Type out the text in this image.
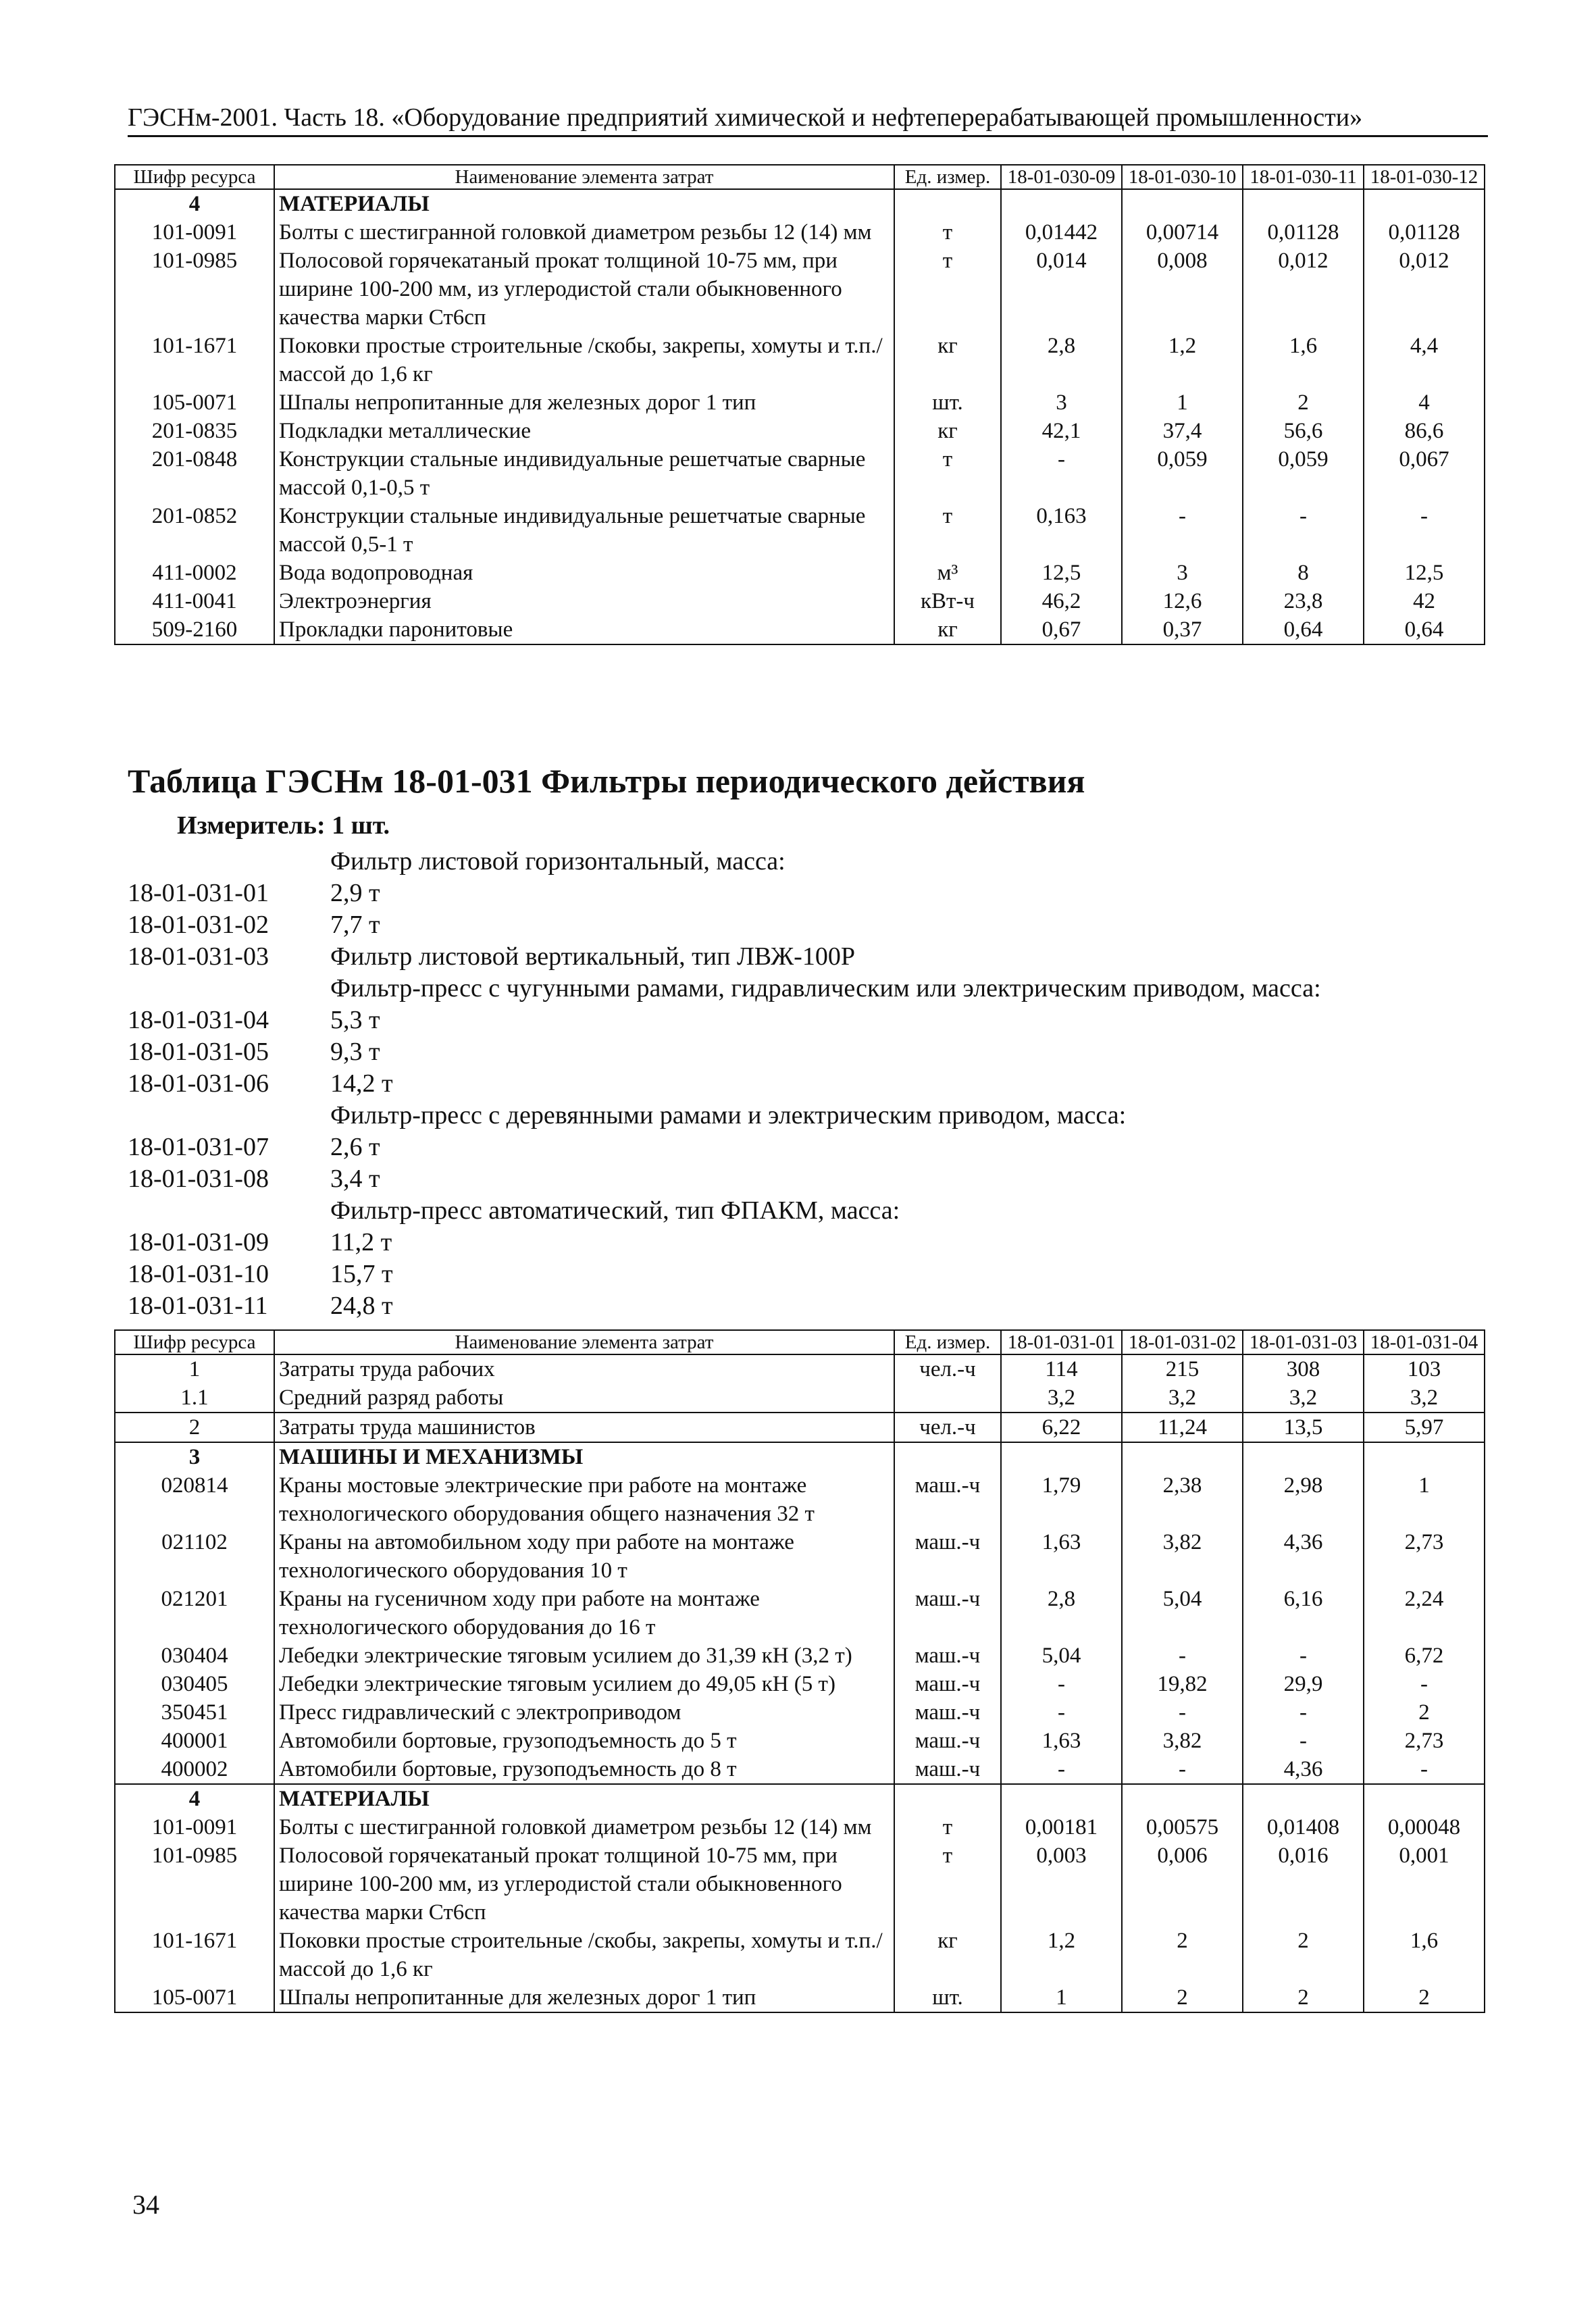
ГЭСНм-2001. Часть 18. «Оборудование предприятий химической и нефтеперерабатывающей промышленности»
Шифр ресурса	Наименование элемента затрат	Ед. измер.	18-01-030-09	18-01-030-10	18-01-030-11	18-01-030-12
4	МАТЕРИАЛЫ					
101-0091	Болты с шестигранной головкой диаметром резьбы 12 (14) мм	т	0,01442	0,00714	0,01128	0,01128
101-0985	Полосовой горячекатаный прокат толщиной 10-75 мм, при ширине 100-200 мм, из углеродистой стали обыкновенного качества марки Ст6сп	т	0,014	0,008	0,012	0,012
101-1671	Поковки простые строительные /скобы, закрепы, хомуты и т.п./ массой до 1,6 кг	кг	2,8	1,2	1,6	4,4
105-0071	Шпалы непропитанные для железных дорог 1 тип	шт.	3	1	2	4
201-0835	Подкладки металлические	кг	42,1	37,4	56,6	86,6
201-0848	Конструкции стальные индивидуальные решетчатые сварные массой 0,1-0,5 т	т	-	0,059	0,059	0,067
201-0852	Конструкции стальные индивидуальные решетчатые сварные массой 0,5-1 т	т	0,163	-	-	-
411-0002	Вода водопроводная	м³	12,5	3	8	12,5
411-0041	Электроэнергия	кВт-ч	46,2	12,6	23,8	42
509-2160	Прокладки паронитовые	кг	0,67	0,37	0,64	0,64
Таблица ГЭСНм 18-01-031 Фильтры периодического действия
Измеритель: 1 шт.
Фильтр листовой горизонтальный, масса:
18-01-031-01	2,9 т
18-01-031-02	7,7 т
18-01-031-03	Фильтр листовой вертикальный, тип ЛВЖ-100Р
Фильтр-пресс с чугунными рамами, гидравлическим или электрическим приводом, масса:
18-01-031-04	5,3 т
18-01-031-05	9,3 т
18-01-031-06	14,2 т
Фильтр-пресс с деревянными рамами и электрическим приводом, масса:
18-01-031-07	2,6 т
18-01-031-08	3,4 т
Фильтр-пресс автоматический, тип ФПАКМ, масса:
18-01-031-09	11,2 т
18-01-031-10	15,7 т
18-01-031-11	24,8 т
Шифр ресурса	Наименование элемента затрат	Ед. измер.	18-01-031-01	18-01-031-02	18-01-031-03	18-01-031-04
1	Затраты труда рабочих	чел.-ч	114	215	308	103
1.1	Средний разряд работы		3,2	3,2	3,2	3,2
2	Затраты труда машинистов	чел.-ч	6,22	11,24	13,5	5,97
3	МАШИНЫ И МЕХАНИЗМЫ					
020814	Краны мостовые электрические при работе на монтаже технологического оборудования общего назначения 32 т	маш.-ч	1,79	2,38	2,98	1
021102	Краны на автомобильном ходу при работе на монтаже технологического оборудования 10 т	маш.-ч	1,63	3,82	4,36	2,73
021201	Краны на гусеничном ходу при работе на монтаже технологического оборудования до 16 т	маш.-ч	2,8	5,04	6,16	2,24
030404	Лебедки электрические тяговым усилием до 31,39 кН (3,2 т)	маш.-ч	5,04	-	-	6,72
030405	Лебедки электрические тяговым усилием до 49,05 кН (5 т)	маш.-ч	-	19,82	29,9	-
350451	Пресс гидравлический с электроприводом	маш.-ч	-	-	-	2
400001	Автомобили бортовые, грузоподъемность до 5 т	маш.-ч	1,63	3,82	-	2,73
400002	Автомобили бортовые, грузоподъемность до 8 т	маш.-ч	-	-	4,36	-
4	МАТЕРИАЛЫ					
101-0091	Болты с шестигранной головкой диаметром резьбы 12 (14) мм	т	0,00181	0,00575	0,01408	0,00048
101-0985	Полосовой горячекатаный прокат толщиной 10-75 мм, при ширине 100-200 мм, из углеродистой стали обыкновенного качества марки Ст6сп	т	0,003	0,006	0,016	0,001
101-1671	Поковки простые строительные /скобы, закрепы, хомуты и т.п./ массой до 1,6 кг	кг	1,2	2	2	1,6
105-0071	Шпалы непропитанные для железных дорог 1 тип	шт.	1	2	2	2
34
